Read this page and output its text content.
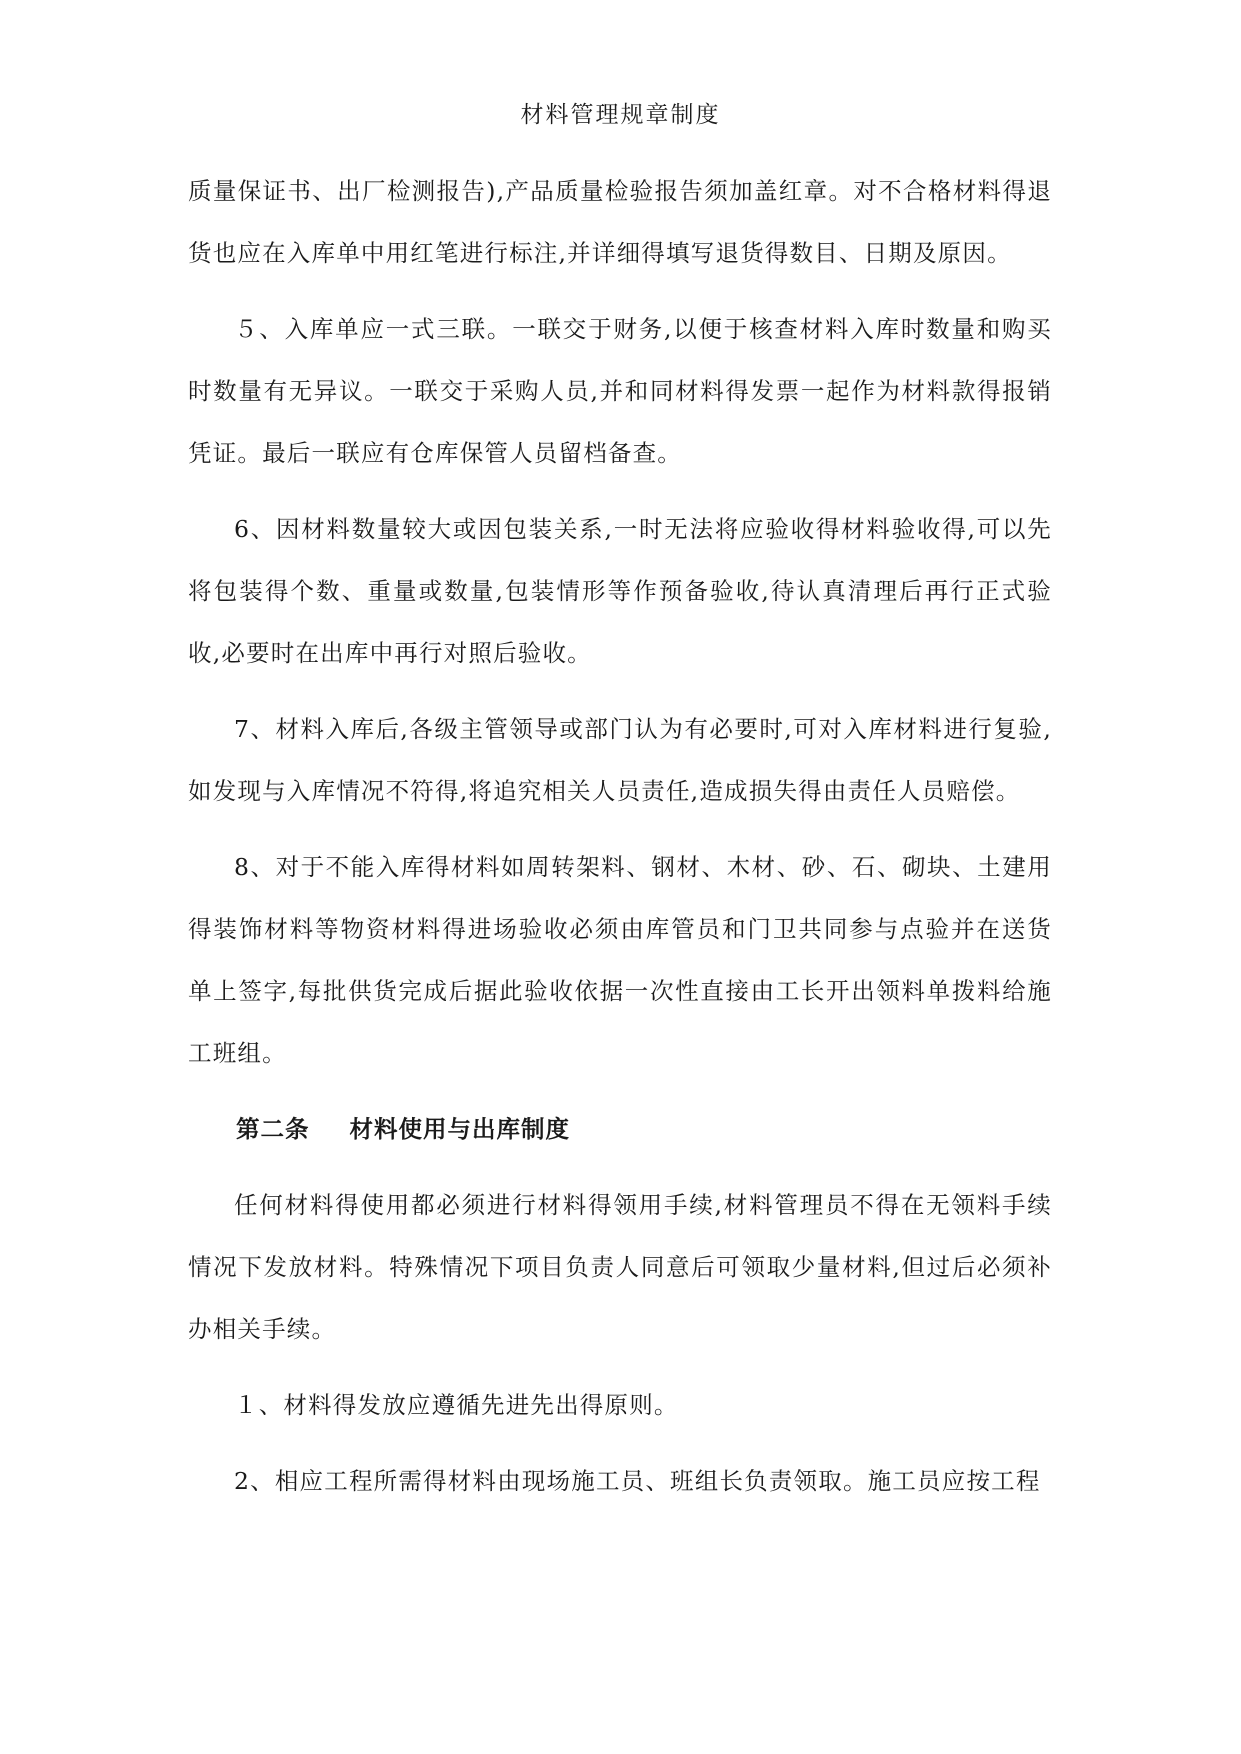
材料管理规章制度

质量保证书、出厂检测报告),产品质量检验报告须加盖红章。对不合格材料得退货也应在入库单中用红笔进行标注,并详细得填写退货得数目、日期及原因。

５、入库单应一式三联。一联交于财务,以便于核查材料入库时数量和购买时数量有无异议。一联交于采购人员,并和同材料得发票一起作为材料款得报销凭证。最后一联应有仓库保管人员留档备查。

6、因材料数量较大或因包装关系,一时无法将应验收得材料验收得,可以先将包装得个数、重量或数量,包装情形等作预备验收,待认真清理后再行正式验收,必要时在出库中再行对照后验收。

7、材料入库后,各级主管领导或部门认为有必要时,可对入库材料进行复验,如发现与入库情况不符得,将追究相关人员责任,造成损失得由责任人员赔偿。

8、对于不能入库得材料如周转架料、钢材、木材、砂、石、砌块、土建用得装饰材料等物资材料得进场验收必须由库管员和门卫共同参与点验并在送货单上签字,每批供货完成后据此验收依据一次性直接由工长开出领料单拨料给施工班组。

第二条 材料使用与出库制度

任何材料得使用都必须进行材料得领用手续,材料管理员不得在无领料手续情况下发放材料。特殊情况下项目负责人同意后可领取少量材料,但过后必须补办相关手续。

１、材料得发放应遵循先进先出得原则。

2、相应工程所需得材料由现场施工员、班组长负责领取。施工员应按工程
